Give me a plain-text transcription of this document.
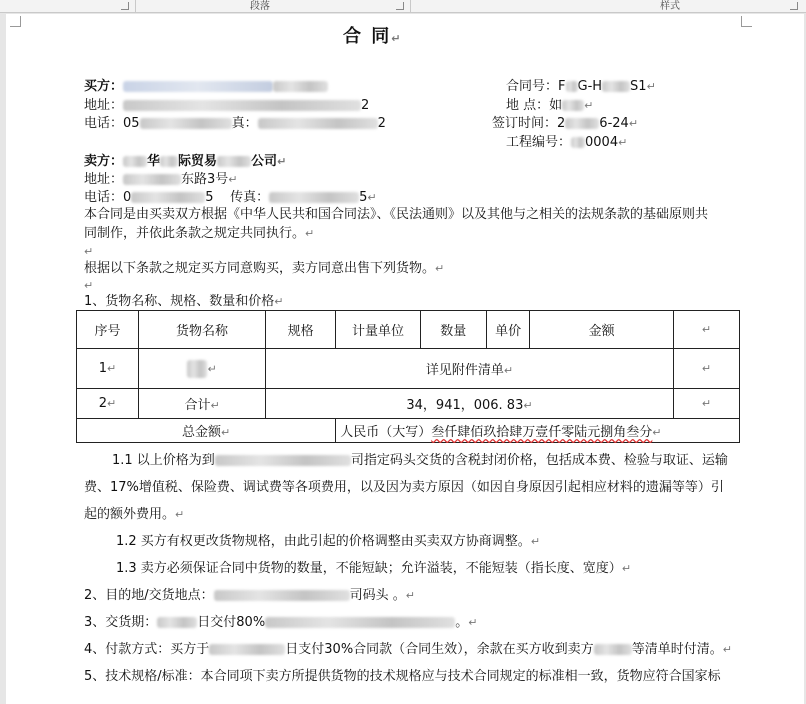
段落	样式
合 同↵
买方：
地址：	2
电话：05	真：	2
合同号：F G-H S1↵
地 点：如 ↵
签订时间：2	6-24↵
工程编号： 0004↵
卖方： 华 际贸易	公司↵
地址：	东路3号↵
电话：0	5 传真：	5↵
本合同是由买卖双方根据《中华人民共和国合同法》、《民法通则》以及其他与之相关的法规条款的基础原则共
同制作，并依此条款之规定共同执行。↵
↵
根据以下条款之规定买方同意购买，卖方同意出售下列货物。↵
↵
1、货物名称、规格、数量和价格↵
序号	货物名称	规格	计量单位	数量	单价	金额	↵
1↵	↵	详见附件清单↵					↵
2↵	合计↵	34，941，006. 83↵					↵
总金额↵			人民币（大写）叁仟肆佰玖拾肆万壹仟零陆元捌角叁分↵				
1.1 以上价格为到	司指定码头交货的含税封闭价格，包括成本费、检验与取证、运输
费、17%增值税、保险费、调试费等各项费用，以及因为卖方原因（如因自身原因引起相应材料的遗漏等等）引
起的额外费用。↵
1.2 买方有权更改货物规格，由此引起的价格调整由买卖双方协商调整。↵
1.3 卖方必须保证合同中货物的数量，不能短缺；允许溢装，不能短装（指长度、宽度）↵
2、目的地/交货地点：	司码头 。↵
3、交货期：	日交付80%	。↵
4、付款方式：买方于	日支付30%合同款（合同生效），余款在买方收到卖方	等清单时付清。↵
5、技术规格/标准：本合同项下卖方所提供货物的技术规格应与技术合同规定的标准相一致，货物应符合国家标
